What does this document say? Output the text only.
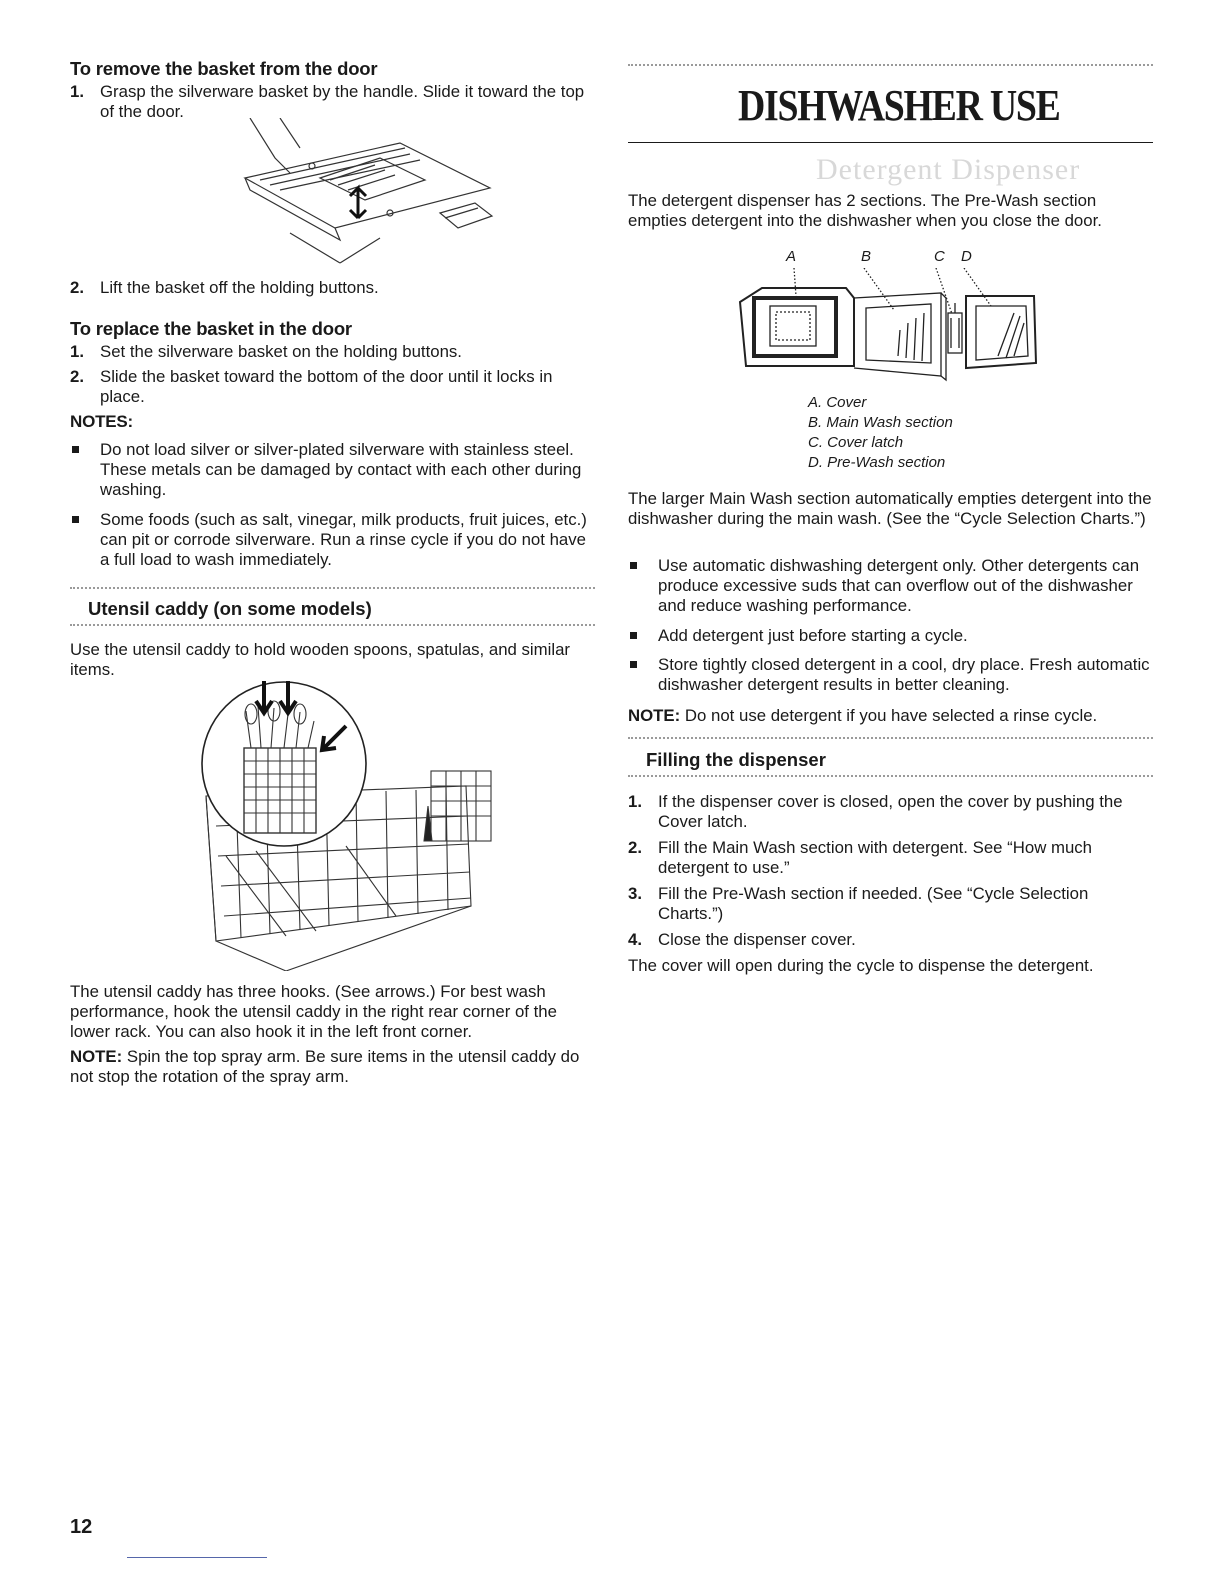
To remove the basket from the door
1. Grasp the silverware basket by the handle. Slide it toward the top of the door.
2. Lift the basket off the holding buttons.
To replace the basket in the door
1. Set the silverware basket on the holding buttons.
2. Slide the basket toward the bottom of the door until it locks in place.
NOTES:
Do not load silver or silver-plated silverware with stainless steel. These metals can be damaged by contact with each other during washing.
Some foods (such as salt, vinegar, milk products, fruit juices, etc.) can pit or corrode silverware. Run a rinse cycle if you do not have a full load to wash immediately.
Utensil caddy (on some models)
Use the utensil caddy to hold wooden spoons, spatulas, and similar items.
The utensil caddy has three hooks. (See arrows.) For best wash performance, hook the utensil caddy in the right rear corner of the lower rack. You can also hook it in the left front corner.
NOTE: Spin the top spray arm. Be sure items in the utensil caddy do not stop the rotation of the spray arm.
DISHWASHER USE
Detergent Dispenser
The detergent dispenser has 2 sections. The Pre-Wash section empties detergent into the dishwasher when you close the door.
A	B	C D
A. Cover
B. Main Wash section
C. Cover latch
D. Pre-Wash section
The larger Main Wash section automatically empties detergent into the dishwasher during the main wash. (See the “Cycle Selection Charts.”)
Use automatic dishwashing detergent only. Other detergents can produce excessive suds that can overflow out of the dishwasher and reduce washing performance.
Add detergent just before starting a cycle.
Store tightly closed detergent in a cool, dry place. Fresh automatic dishwasher detergent results in better cleaning.
NOTE: Do not use detergent if you have selected a rinse cycle.
Filling the dispenser
1. If the dispenser cover is closed, open the cover by pushing the Cover latch.
2. Fill the Main Wash section with detergent. See “How much detergent to use.”
3. Fill the Pre-Wash section if needed. (See “Cycle Selection Charts.”)
4. Close the dispenser cover.
The cover will open during the cycle to dispense the detergent.
12
